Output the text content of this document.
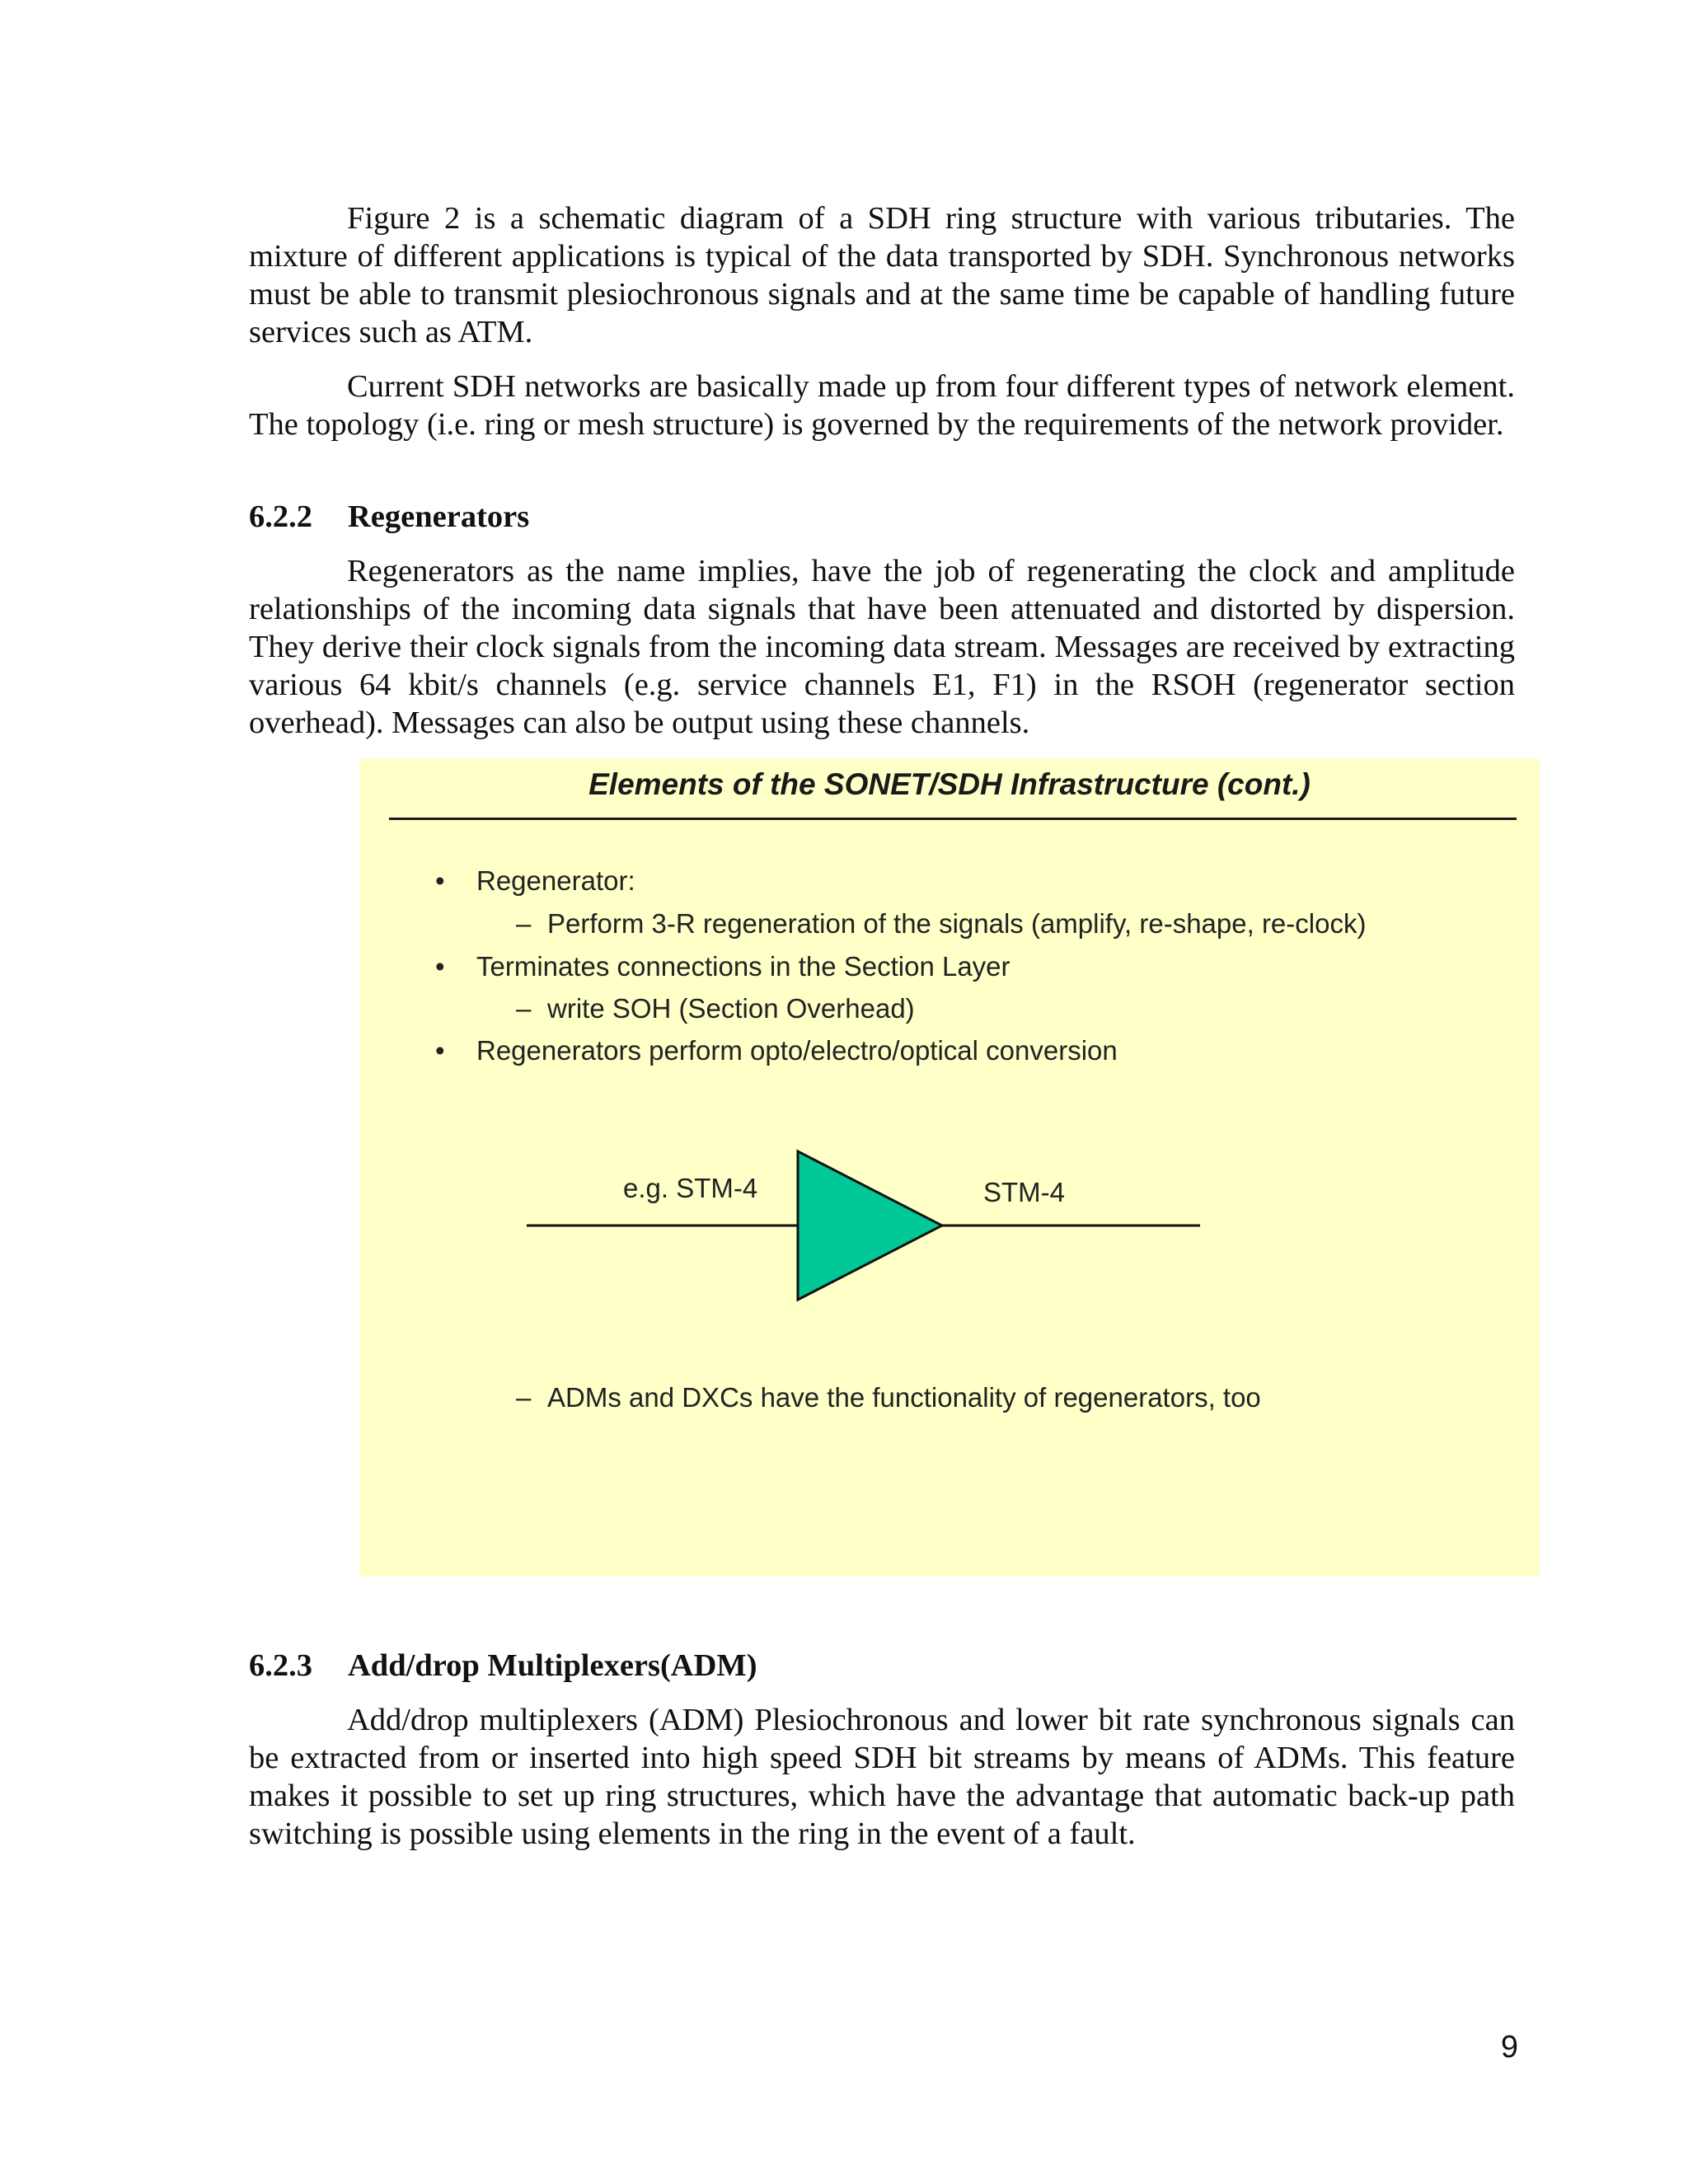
Figure 2 is a schematic diagram of a SDH ring structure with various tributaries. The mixture of different applications is typical of the data transported by SDH. Synchronous networks must be able to transmit plesiochronous signals and at the same time be capable of handling future services such as ATM.

Current SDH networks are basically made up from four different types of network element. The topology (i.e. ring or mesh structure) is governed by the requirements of the network provider.

6.2.2 Regenerators

Regenerators as the name implies, have the job of regenerating the clock and amplitude relationships of the incoming data signals that have been attenuated and distorted by dispersion. They derive their clock signals from the incoming data stream. Messages are received by extracting various 64 kbit/s channels (e.g. service channels E1, F1) in the RSOH (regenerator section overhead). Messages can also be output using these channels.

Elements of the SONET/SDH Infrastructure (cont.)
• Regenerator:
– Perform 3-R regeneration of the signals (amplify, re-shape, re-clock)
• Terminates connections in the Section Layer
– write SOH (Section Overhead)
• Regenerators perform opto/electro/optical conversion
e.g. STM-4	STM-4
– ADMs and DXCs have the functionality of regenerators, too
6.2.3 Add/drop Multiplexers(ADM)

Add/drop multiplexers (ADM) Plesiochronous and lower bit rate synchronous signals can be extracted from or inserted into high speed SDH bit streams by means of ADMs. This feature makes it possible to set up ring structures, which have the advantage that automatic back-up path switching is possible using elements in the ring in the event of a fault.

9
